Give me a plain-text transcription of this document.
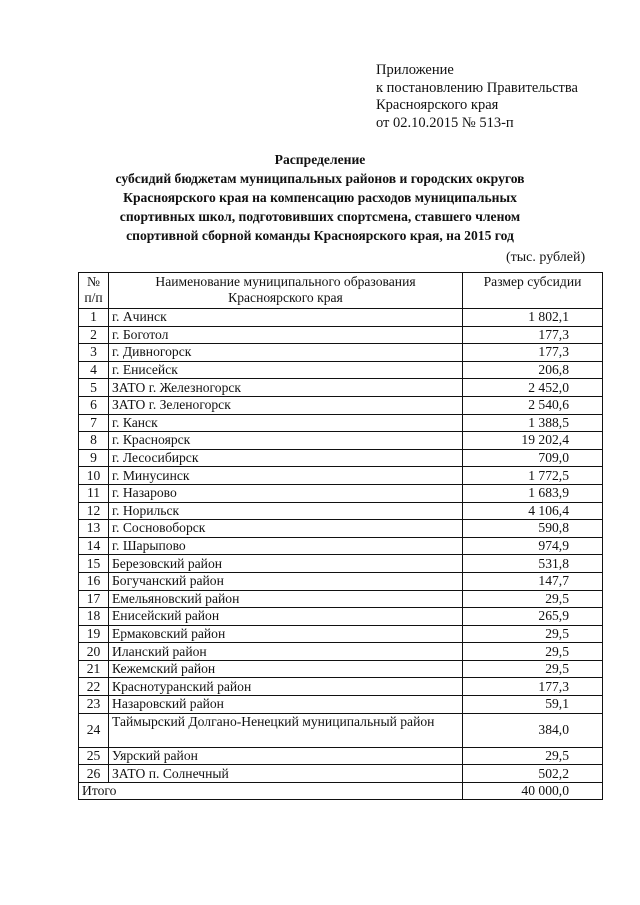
Приложение
к постановлению Правительства
Красноярского края
от 02.10.2015 № 513-п
Распределение
субсидий бюджетам муниципальных районов и городских округов
Красноярского края на компенсацию расходов муниципальных
спортивных школ, подготовивших спортсмена, ставшего членом
спортивной сборной команды Красноярского края, на 2015 год
(тыс. рублей)
№ п/п	Наименование муниципального образования Красноярского края	Размер субсидии
1	г. Ачинск	1 802,1
2	г. Боготол	177,3
3	г. Дивногорск	177,3
4	г. Енисейск	206,8
5	ЗАТО г. Железногорск	2 452,0
6	ЗАТО г. Зеленогорск	2 540,6
7	г. Канск	1 388,5
8	г. Красноярск	19 202,4
9	г. Лесосибирск	709,0
10	г. Минусинск	1 772,5
11	г. Назарово	1 683,9
12	г. Норильск	4 106,4
13	г. Сосновоборск	590,8
14	г. Шарыпово	974,9
15	Березовский район	531,8
16	Богучанский район	147,7
17	Емельяновский район	29,5
18	Енисейский район	265,9
19	Ермаковский район	29,5
20	Иланский район	29,5
21	Кежемский район	29,5
22	Краснотуранский район	177,3
23	Назаровский район	59,1
24	Таймырский Долгано-Ненецкий муниципальный район	384,0
25	Уярский район	29,5
26	ЗАТО п. Солнечный	502,2
Итого		40 000,0
